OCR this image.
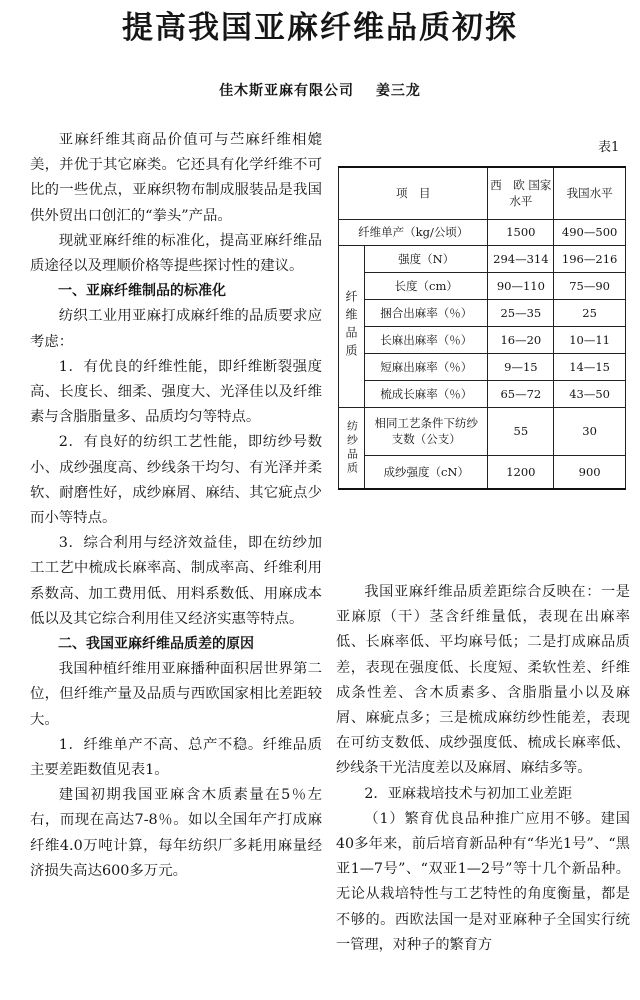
提高我国亚麻纤维品质初探
佳木斯亚麻有限公司 姜三龙

亚麻纤维其商品价值可与苎麻纤维相媲美，并优于其它麻类。它还具有化学纤维不可比的一些优点，亚麻织物布制成服装品是我国供外贸出口创汇的“拳头”产品。

现就亚麻纤维的标准化，提高亚麻纤维品质途径以及理顺价格等提些探讨性的建议。

一、亚麻纤维制品的标准化

纺织工业用亚麻打成麻纤维的品质要求应考虑：

1．有优良的纤维性能，即纤维断裂强度高、长度长、细柔、强度大、光泽佳以及纤维素与含脂脂量多、品质均匀等特点。

2．有良好的纺织工艺性能，即纺纱号数小、成纱强度高、纱线条干均匀、有光泽并柔软、耐磨性好，成纱麻屑、麻结、其它疵点少而小等特点。

3．综合利用与经济效益佳，即在纺纱加工工艺中梳成长麻率高、制成率高、纤维利用系数高、加工费用低、用料系数低、用麻成本低以及其它综合利用佳又经济实惠等特点。

二、我国亚麻纤维品质差的原因

我国种植纤维用亚麻播种面积居世界第二位，但纤维产量及品质与西欧国家相比差距较大。

1．纤维单产不高、总产不稳。纤维品质主要差距数值见表1。

建国初期我国亚麻含木质素量在5％左右，而现在高达7-8％。如以全国年产打成麻纤维4.0万吨计算，每年纺织厂多耗用麻量经济损失高达600多万元。

表1
项　目		西　欧 国家水平	我国水平
纤维单产（kg/公顷）		1500	490—500
纤维品质	强度（N）	294—314	196—216
	长度（cm）	90—110	75—90
	捆合出麻率（％）	25—35	25
	长麻出麻率（％）	16—20	10—11
	短麻出麻率（％）	9—15	14—15
	梳成长麻率（％）	65—72	43—50
纺纱品质	相同工艺条件下纺纱支数（公支）	55	30
	成纱强度（cN）	1200	900

我国亚麻纤维品质差距综合反映在：一是亚麻原（干）茎含纤维量低，表现在出麻率低、长麻率低、平均麻号低；二是打成麻品质差，表现在强度低、长度短、柔软性差、纤维成条性差、含木质素多、含脂脂量小以及麻屑、麻疵点多；三是梳成麻纺纱性能差，表现在可纺支数低、成纱强度低、梳成长麻率低、纱线条干光洁度差以及麻屑、麻结多等。

2．亚麻栽培技术与初加工业差距

（1）繁育优良品种推广应用不够。建国40多年来，前后培育新品种有“华光1号”、“黑亚1—7号”、“双亚1—2号”等十几个新品种。无论从栽培特性与工艺特性的角度衡量，都是不够的。西欧法国一是对亚麻种子全国实行统一管理，对种子的繁育方
